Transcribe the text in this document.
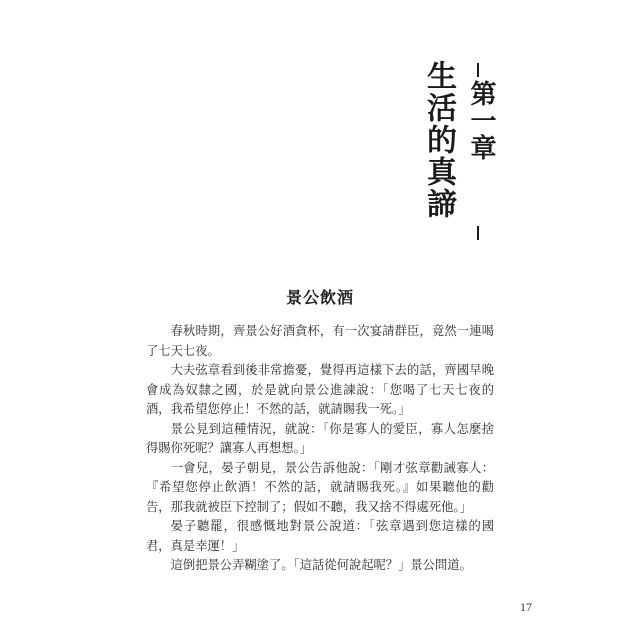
生活的真諦 第一章
景公飲酒

春秋時期，齊景公好酒貪杯，有一次宴請群臣，竟然一連喝了七天七夜。

大夫弦章看到後非常擔憂，覺得再這樣下去的話，齊國早晚會成為奴隸之國，於是就向景公進諫說：「您喝了七天七夜的酒，我希望您停止！不然的話，就請賜我一死。」

景公見到這種情況，就說：「你是寡人的愛臣，寡人怎麼捨得賜你死呢？讓寡人再想想。」

一會兒，晏子朝見，景公告訴他說：「剛才弦章勸誡寡人：『希望您停止飲酒！不然的話，就請賜我死。』如果聽他的勸告，那我就被臣下控制了；假如不聽，我又捨不得處死他。」

晏子聽罷，很感慨地對景公說道：「弦章遇到您這樣的國君，真是幸運！」

這倒把景公弄糊塗了。「這話從何說起呢？」景公問道。

17
